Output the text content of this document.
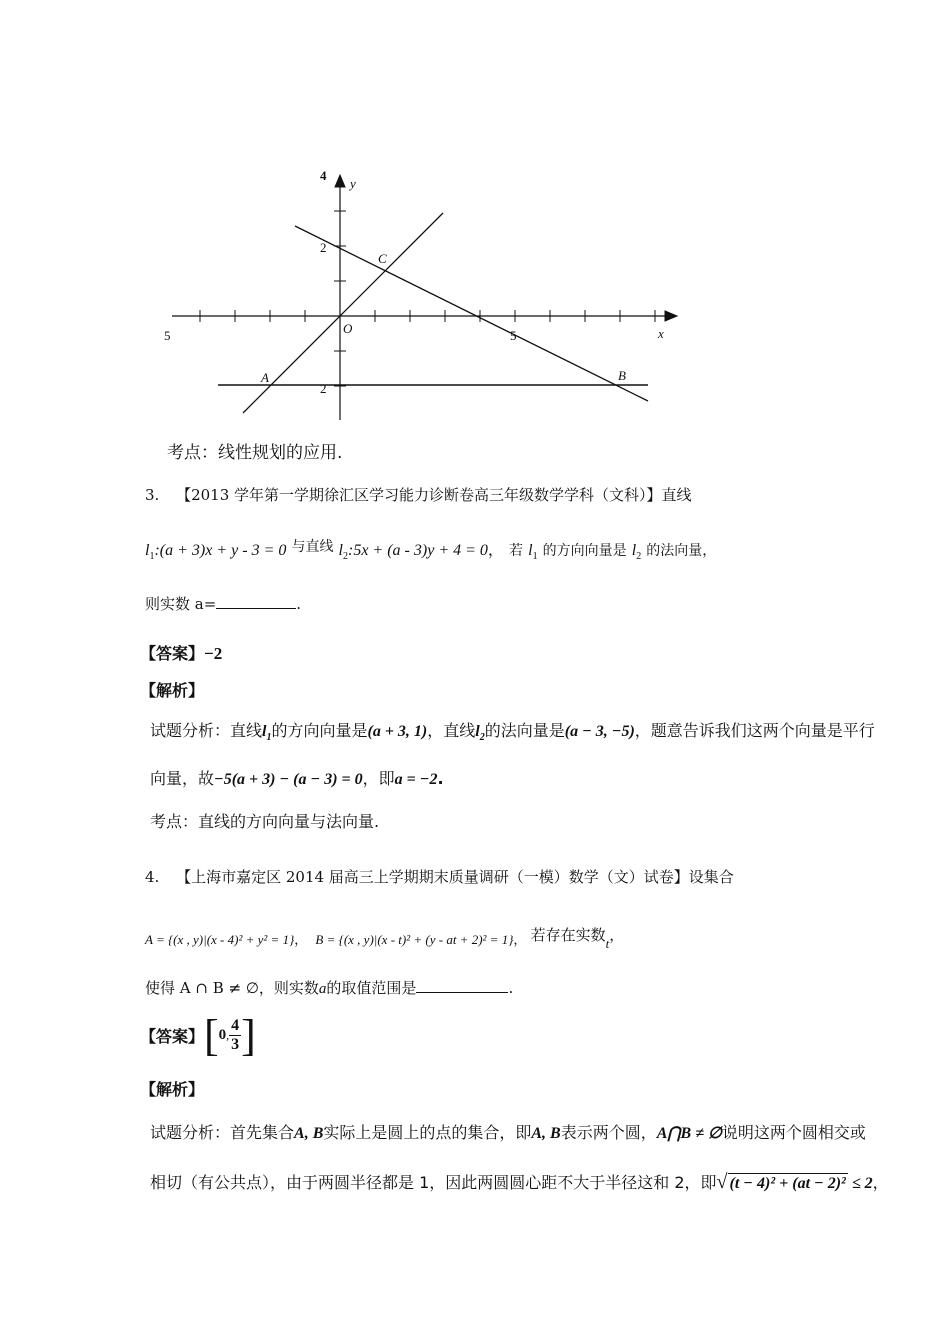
4
y
2
C
O
5	5	x
A
2
B
考点：线性规划的应用.
3. 【2013 学年第一学期徐汇区学习能力诊断卷高三年级数学学科（文科）】直线
$l_1:(a + 3)x + y - 3 = 0$ 与直线 $l_2:5x + (a - 3)y + 4 = 0$， 若 $l_1$ 的方向向量是 $l_2$ 的法向量，
则实数 a=	.
【答案】−2
【解析】
试题分析：直线$l_1$的方向向量是(a + 3, 1)，直线$l_2$的法向量是(a − 3, −5)，题意告诉我们这两个向量是平行
向量，故−5(a + 3) − (a − 3) = 0，即a = −2.
考点：直线的方向向量与法向量.
4. 【上海市嘉定区 2014 届高三上学期期末质量调研（一模）数学（文）试卷】设集合
A = {(x , y)|(x - 4)² + y² = 1}， B = {(x , y)|(x - t)² + (y - at + 2)² = 1}， 若存在实数t，
使得 A ∩ B ≠ ∅，则实数a的取值范围是	.
【答案】[0, $\frac{4}{3}$ ]
【解析】
试题分析：首先集合A, B实际上是圆上的点的集合，即A, B表示两个圆，A⋂B ≠ ∅说明这两个圆相交或
相切（有公共点），由于两圆半径都是 1，因此两圆圆心距不大于半径这和 2，即√ (t − 4)² + (at − 2)² ≤ 2，
